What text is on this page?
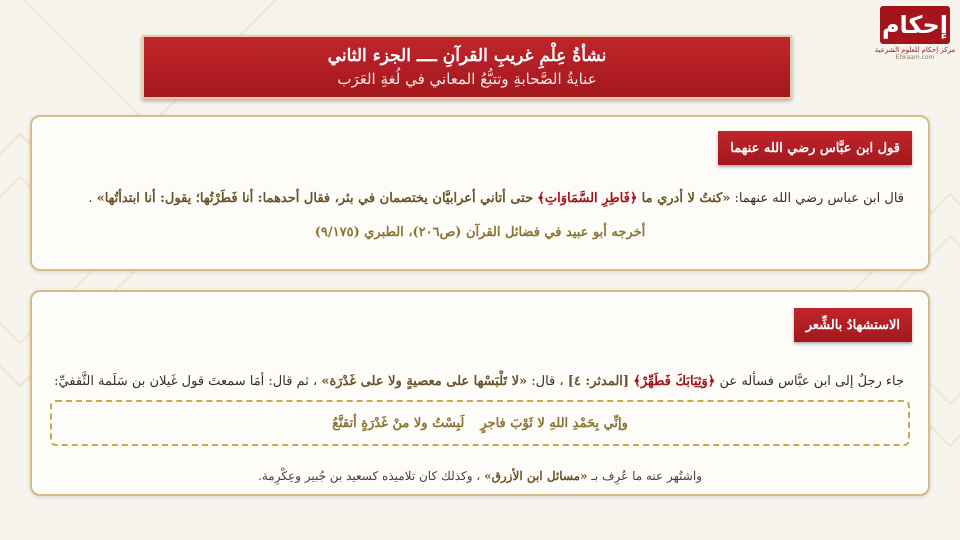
إحكام
مركز إحكام للعلوم الشرعية
Ehkaam.com
نشأةُ عِلْمِ غريبِ القرآنِ ــــ الجزء الثاني
عنايةُ الصَّحابةِ وتتبُّعُ المعاني في لُغةِ العَرَب
قول ابن عبَّاس رضي الله عنهما
قال ابن عباس رضي الله عنهما: «كنتُ لا أدري ما ﴿فَاطِرِ السَّمَاوَاتِ﴾ حتى أتاني أعرابيَّان يختصمان في بئر، فقال أحدهما: أنا فَطَرْتُها؛ يقول: أنا ابتدأتُها» .
أخرجه أبو عبيد في فضائل القرآن (ص٢٠٦)، الطبري (٩/١٧٥)
الاستشهادُ بالشِّعر
جاء رجلٌ إلى ابن عبَّاس فسأله عن ﴿وَثِيَابَكَ فَطَهِّرْ﴾ [المدثر: ٤] ، قال: «لا تَلْبَسْها على معصيةٍ ولا على غَدْرَة» ، ثم قال: أمَا سمعتَ قول غَيلان بن سَلَمة الثَّقفيِّ:
وإنِّي بِحَمْدِ اللهِ لا ثَوْبَ فاجرٍ
لَبِسْتُ ولا منْ غَدْرَةٍ أتقنَّعُ
واشتُهر عنه ما عُرِف بـ «مسائل ابن الأزرق» ، وكذلك كان تلاميذه كسعيد بن جُبير وعِكْرِمة.
